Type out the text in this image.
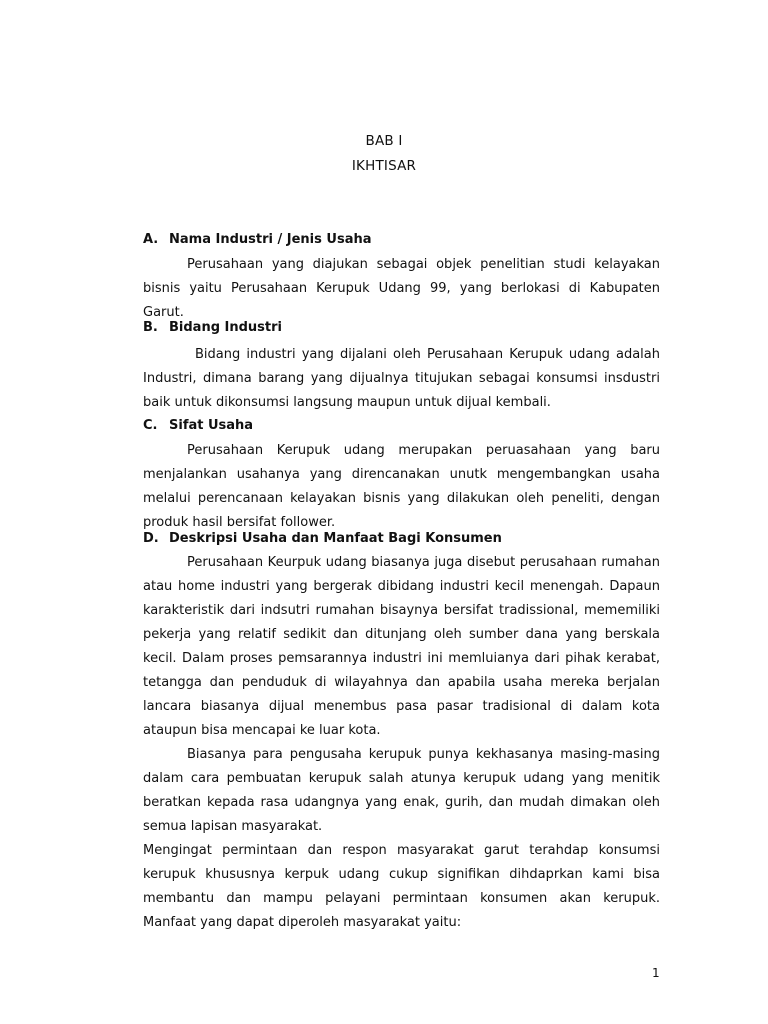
BAB I
IKHTISAR
A. Nama Industri / Jenis Usaha

Perusahaan yang diajukan sebagai objek penelitian studi kelayakan bisnis yaitu Perusahaan Kerupuk Udang 99, yang berlokasi di Kabupaten Garut.

B. Bidang Industri

Bidang industri yang dijalani oleh Perusahaan Kerupuk udang adalah Industri, dimana barang yang dijualnya titujukan sebagai konsumsi insdustri baik untuk dikonsumsi langsung maupun untuk dijual kembali.

C. Sifat Usaha

Perusahaan Kerupuk udang merupakan peruasahaan yang baru menjalankan usahanya yang direncanakan unutk mengembangkan usaha melalui perencanaan kelayakan bisnis yang dilakukan oleh peneliti, dengan produk hasil bersifat follower.

D. Deskripsi Usaha dan Manfaat Bagi Konsumen

Perusahaan Keurpuk udang biasanya juga disebut perusahaan rumahan atau home industri yang bergerak dibidang industri kecil menengah. Dapaun karakteristik dari indsutri rumahan bisaynya bersifat tradissional, mememiliki pekerja yang relatif sedikit dan ditunjang oleh sumber dana yang berskala kecil. Dalam proses pemsarannya industri ini memluianya dari pihak kerabat, tetangga dan penduduk di wilayahnya dan apabila usaha mereka berjalan lancara biasanya dijual menembus pasa pasar tradisional di dalam kota ataupun bisa mencapai ke luar kota.

Biasanya para pengusaha kerupuk punya kekhasanya masing-masing dalam cara pembuatan kerupuk salah atunya kerupuk udang yang menitik beratkan kepada rasa udangnya yang enak, gurih, dan mudah dimakan oleh semua lapisan masyarakat.

Mengingat permintaan dan respon masyarakat garut terahdap konsumsi kerupuk khususnya kerpuk udang cukup signifikan dihdaprkan kami bisa membantu dan mampu pelayani permintaan konsumen akan kerupuk. Manfaat yang dapat diperoleh masyarakat yaitu:

1
